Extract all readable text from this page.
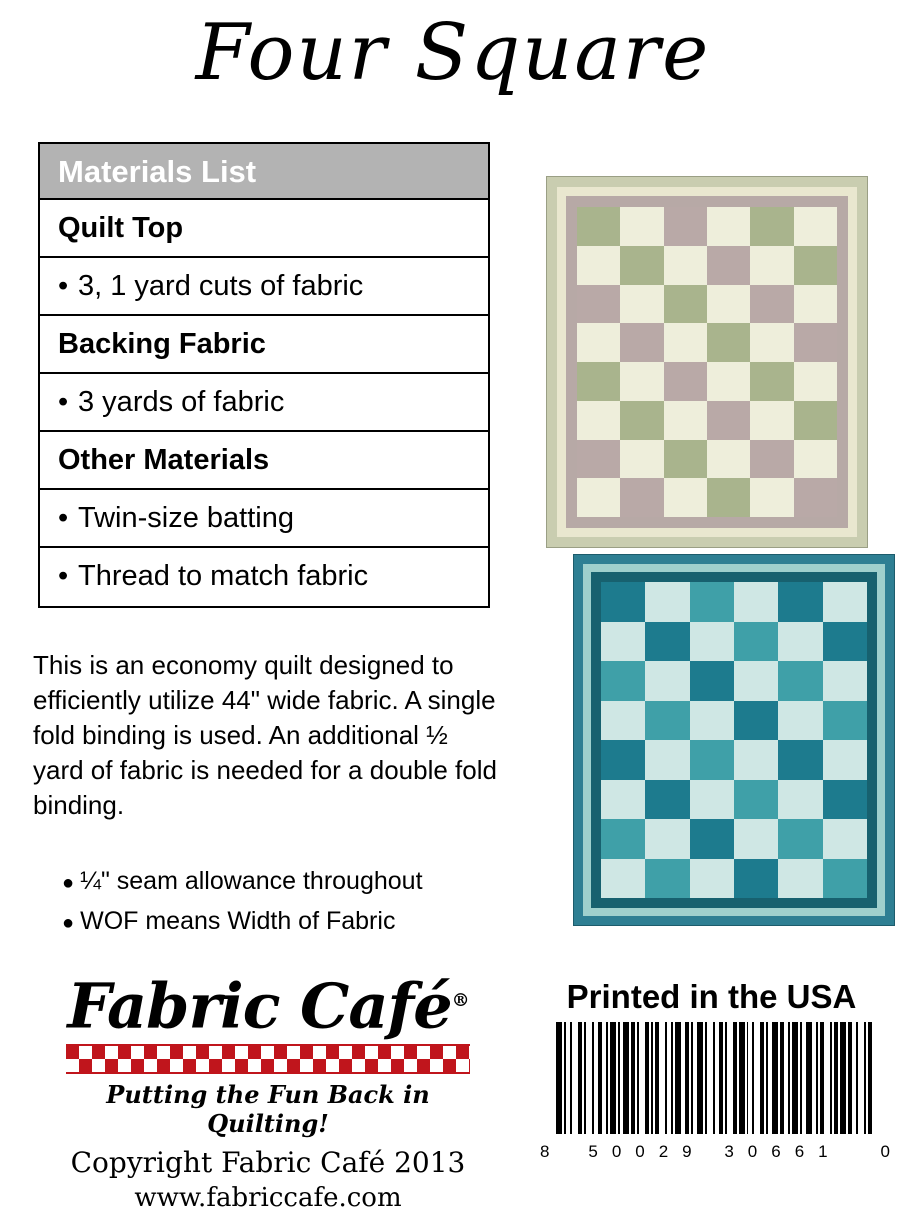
Four Square
Materials List
Quilt Top
• 3, 1 yard cuts of fabric
Backing Fabric
• 3 yards of fabric
Other Materials
• Twin-size batting
• Thread to match fabric
This is an economy quilt designed to efficiently utilize 44" wide fabric. A single fold binding is used. An additional ½ yard of fabric is needed for a double fold binding.
● ¼" seam allowance throughout
● WOF means Width of Fabric
Fabric Café®
Putting the Fun Back in Quilting!
Copyright Fabric Café 2013
www.fabriccafe.com
Printed in the USA
8 50029 30661 0
